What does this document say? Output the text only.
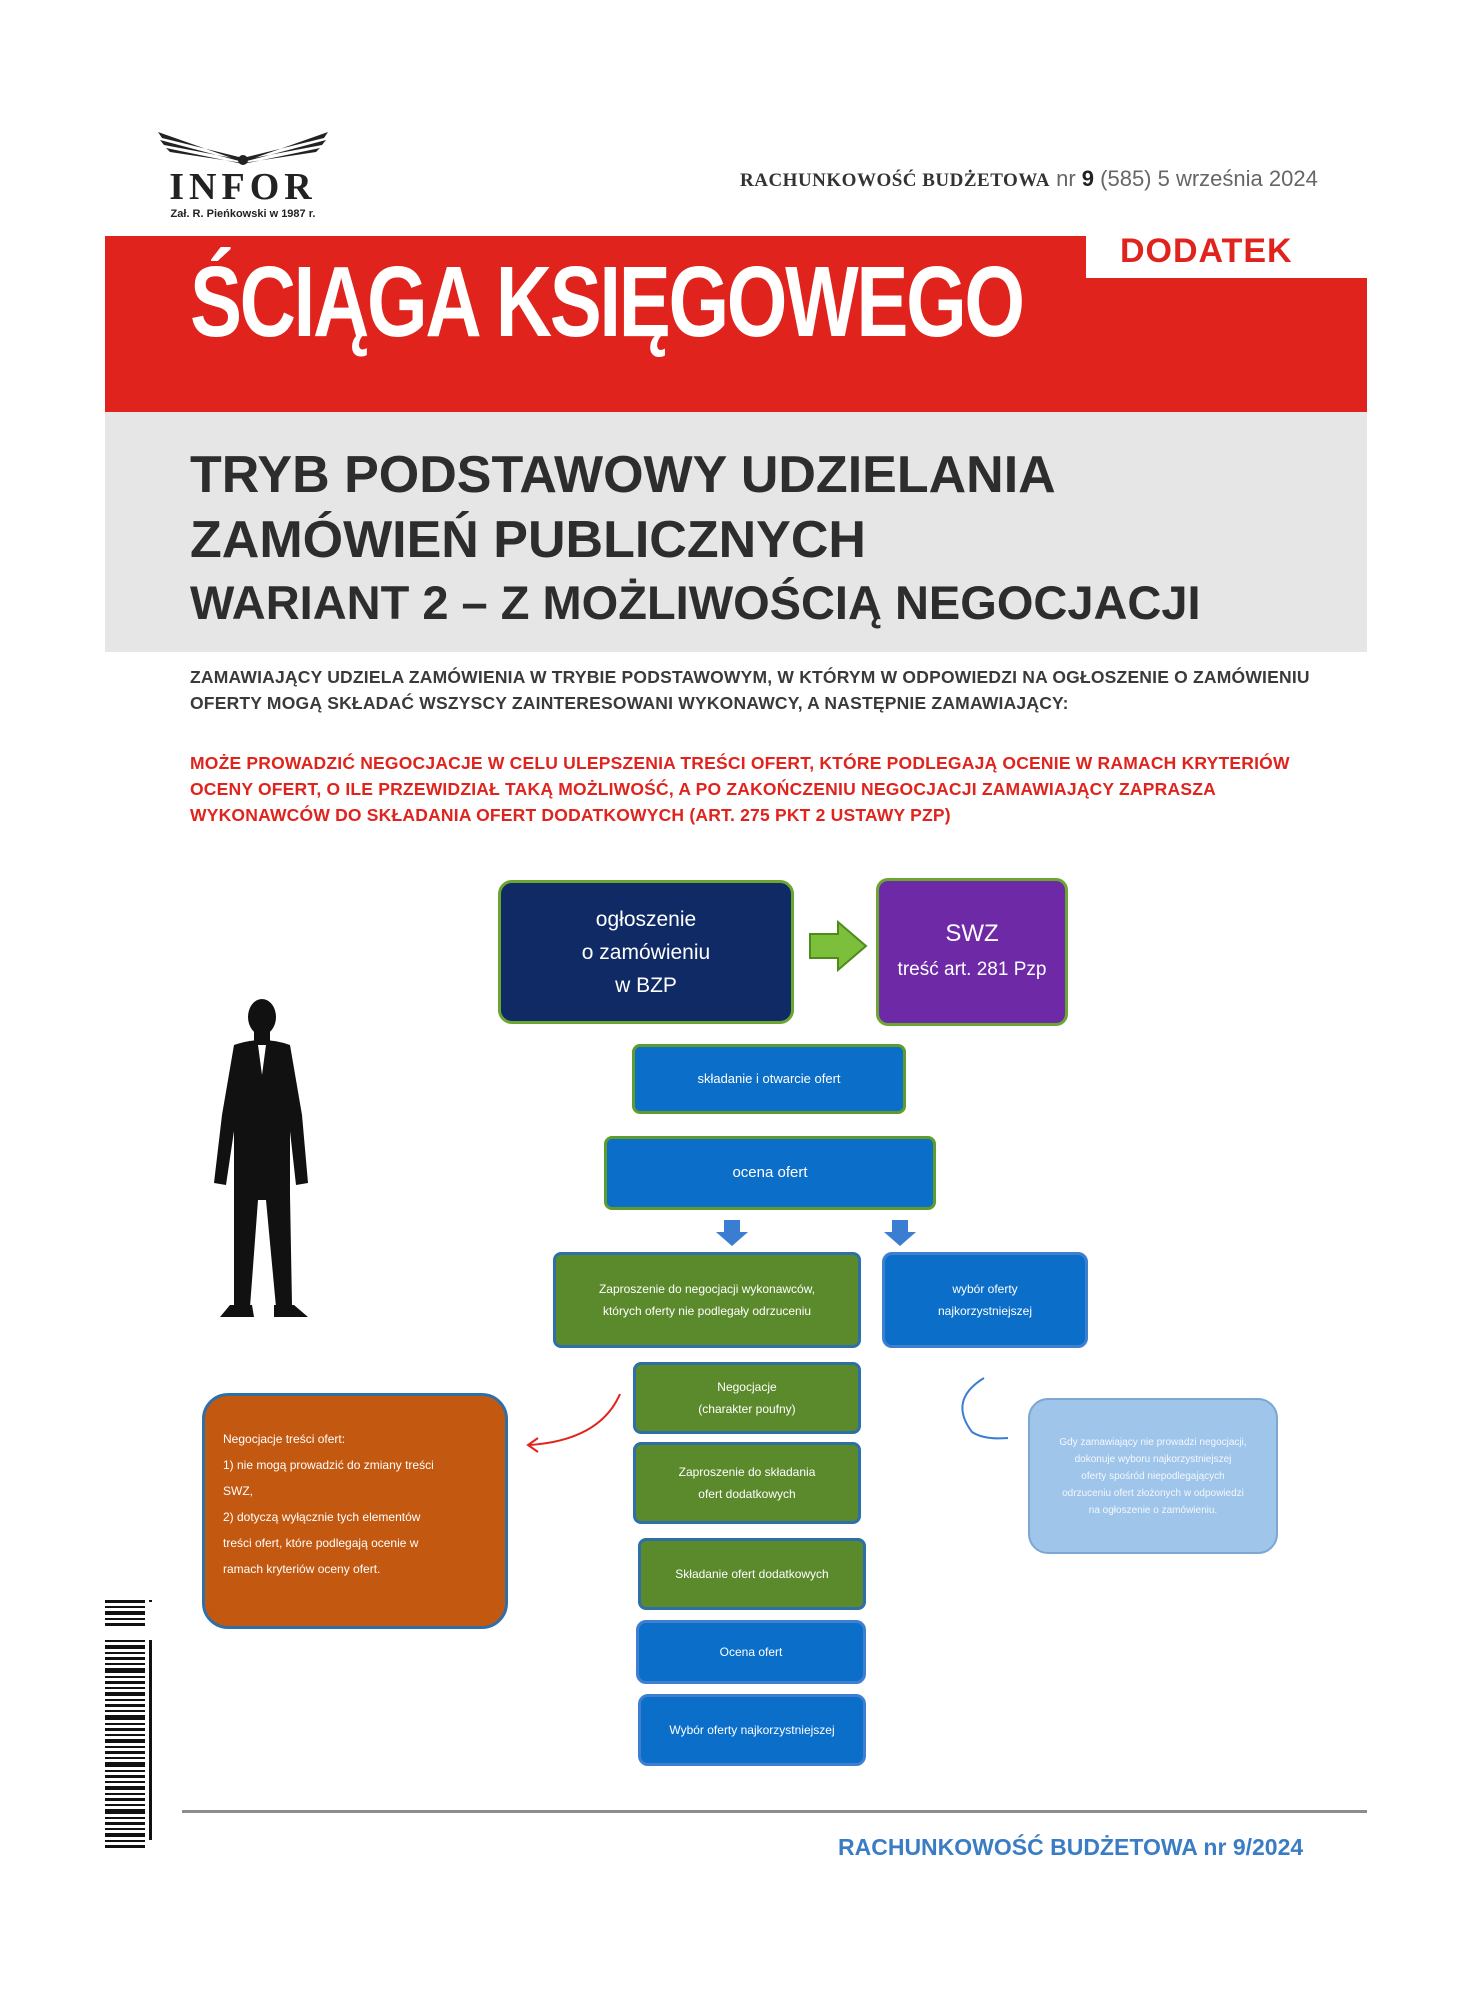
INFOR
Zał. R. Pieńkowski w 1987 r.
RACHUNKOWOŚĆ BUDŻETOWA nr 9 (585) 5 września 2024
ŚCIĄGA KSIĘGOWEGO	DODATEK
TRYB PODSTAWOWY UDZIELANIA
ZAMÓWIEŃ PUBLICZNYCH
WARIANT 2 – Z MOŻLIWOŚCIĄ NEGOCJACJI
ZAMAWIAJĄCY UDZIELA ZAMÓWIENIA W TRYBIE PODSTAWOWYM, W KTÓRYM W ODPOWIEDZI NA OGŁOSZENIE O ZAMÓWIENIU OFERTY MOGĄ SKŁADAĆ WSZYSCY ZAINTERESOWANI WYKONAWCY, A NASTĘPNIE ZAMAWIAJĄCY:
MOŻE PROWADZIĆ NEGOCJACJE W CELU ULEPSZENIA TREŚCI OFERT, KTÓRE PODLEGAJĄ OCENIE W RAMACH KRYTERIÓW OCENY OFERT, O ILE PRZEWIDZIAŁ TAKĄ MOŻLIWOŚĆ, A PO ZAKOŃCZENIU NEGOCJACJI ZAMAWIAJĄCY ZAPRASZA WYKONAWCÓW DO SKŁADANIA OFERT DODATKOWYCH (ART. 275 PKT 2 USTAWY PZP)
ogłoszenie
o zamówieniu
w BZP
SWZ
treść art. 281 Pzp
składanie i otwarcie ofert
ocena ofert
Zaproszenie do negocjacji wykonawców,
których oferty nie podlegały odrzuceniu
wybór oferty
najkorzystniejszej
Negocjacje
(charakter poufny)
Zaproszenie do składania
ofert dodatkowych
Składanie ofert dodatkowych
Ocena ofert
Wybór oferty najkorzystniejszej
Negocjacje treści ofert:
1) nie mogą prowadzić do zmiany treści
SWZ,
2) dotyczą wyłącznie tych elementów
treści ofert, które podlegają ocenie w
ramach kryteriów oceny ofert.
Gdy zamawiający nie prowadzi negocjacji,
dokonuje wyboru najkorzystniejszej
oferty spośród niepodlegających
odrzuceniu ofert złożonych w odpowiedzi
na ogłoszenie o zamówieniu.
RACHUNKOWOŚĆ BUDŻETOWA nr 9/2024
